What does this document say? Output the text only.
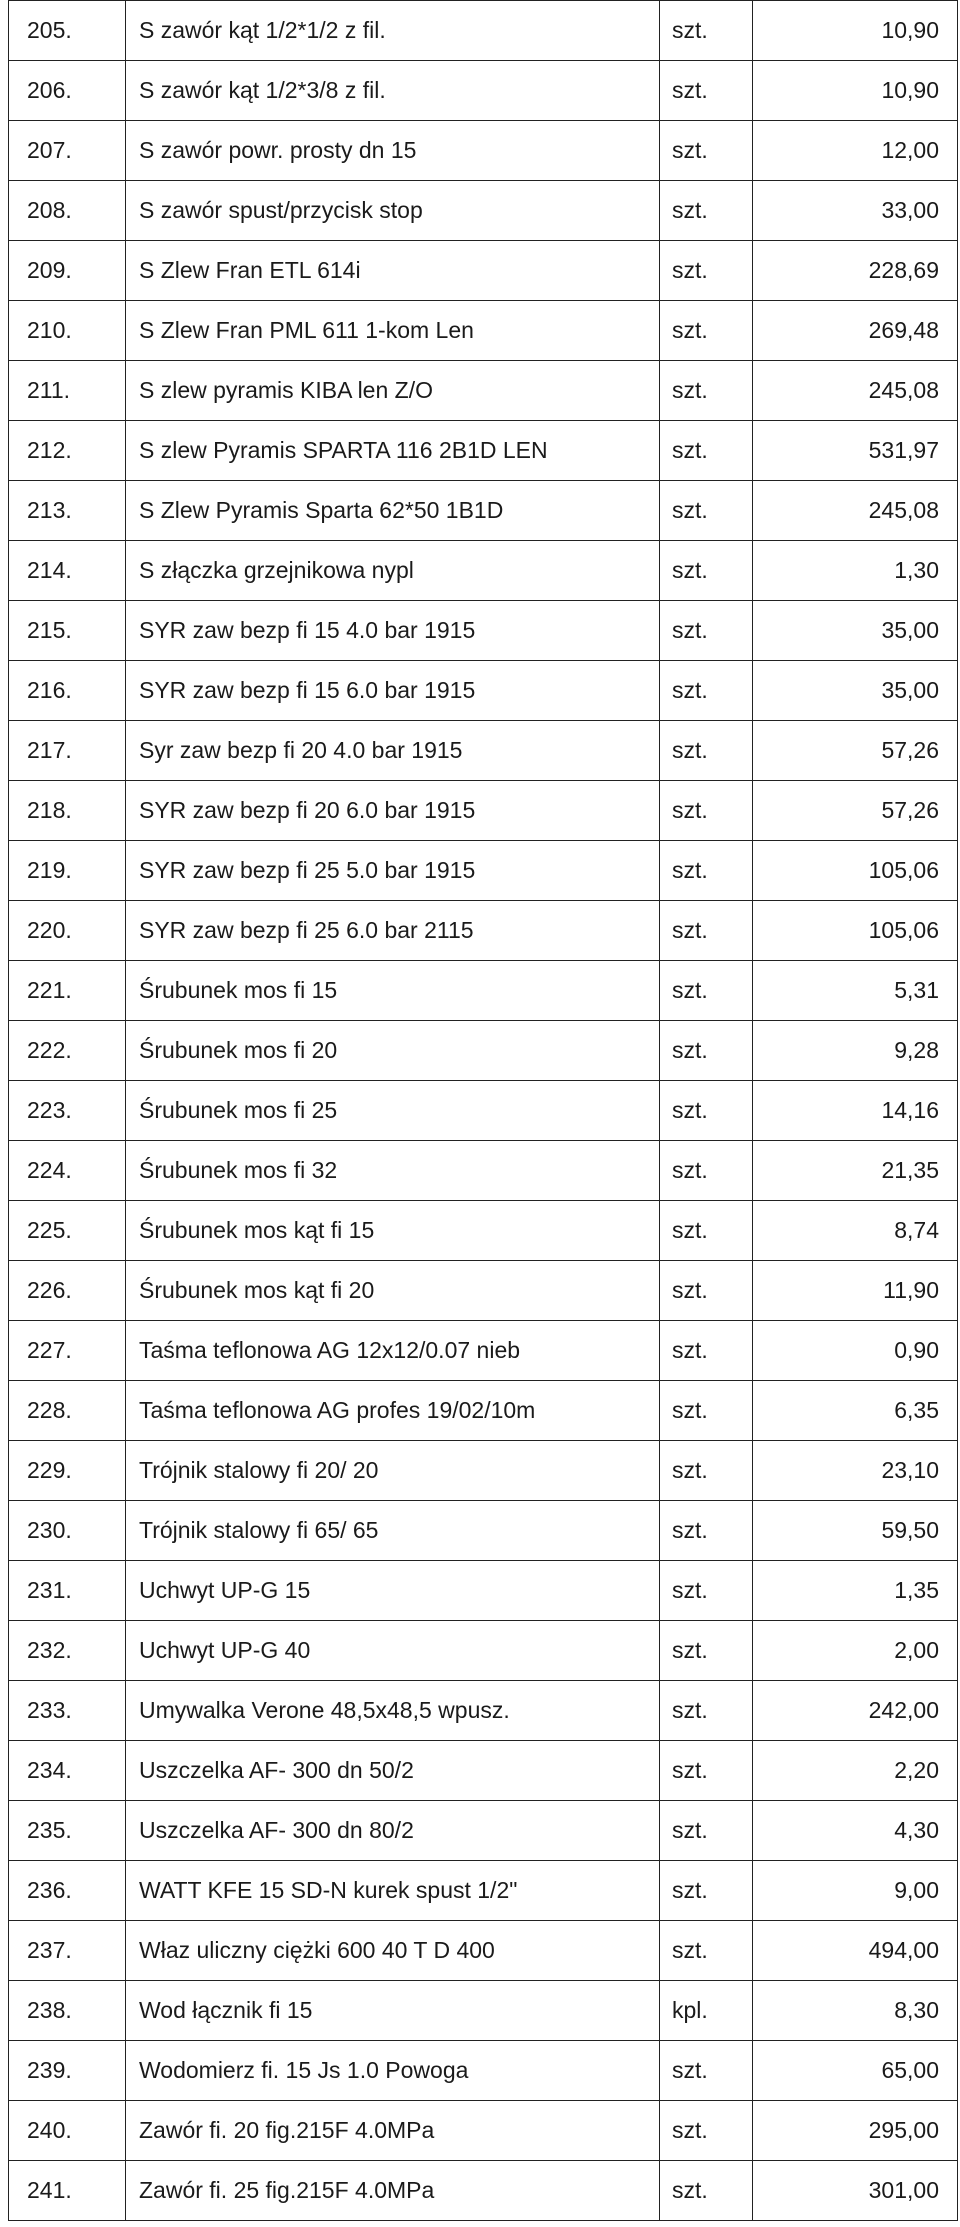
205.	S zawór kąt 1/2*1/2 z fil.	szt.	10,90
206.	S zawór kąt 1/2*3/8 z fil.	szt.	10,90
207.	S zawór powr. prosty dn 15	szt.	12,00
208.	S zawór spust/przycisk stop	szt.	33,00
209.	S Zlew Fran ETL 614i	szt.	228,69
210.	S Zlew Fran PML 611 1-kom Len	szt.	269,48
211.	S zlew pyramis KIBA len Z/O	szt.	245,08
212.	S zlew Pyramis SPARTA 116 2B1D LEN	szt.	531,97
213.	S Zlew Pyramis Sparta 62*50 1B1D	szt.	245,08
214.	S złączka grzejnikowa nypl	szt.	1,30
215.	SYR zaw bezp fi 15 4.0 bar 1915	szt.	35,00
216.	SYR zaw bezp fi 15 6.0 bar 1915	szt.	35,00
217.	Syr zaw bezp fi 20 4.0 bar 1915	szt.	57,26
218.	SYR zaw bezp fi 20 6.0 bar 1915	szt.	57,26
219.	SYR zaw bezp fi 25 5.0 bar 1915	szt.	105,06
220.	SYR zaw bezp fi 25 6.0 bar 2115	szt.	105,06
221.	Śrubunek mos fi 15	szt.	5,31
222.	Śrubunek mos fi 20	szt.	9,28
223.	Śrubunek mos fi 25	szt.	14,16
224.	Śrubunek mos fi 32	szt.	21,35
225.	Śrubunek mos kąt fi 15	szt.	8,74
226.	Śrubunek mos kąt fi 20	szt.	11,90
227.	Taśma teflonowa AG 12x12/0.07 nieb	szt.	0,90
228.	Taśma teflonowa AG profes 19/02/10m	szt.	6,35
229.	Trójnik stalowy fi 20/ 20	szt.	23,10
230.	Trójnik stalowy fi 65/ 65	szt.	59,50
231.	Uchwyt UP-G 15	szt.	1,35
232.	Uchwyt UP-G 40	szt.	2,00
233.	Umywalka Verone 48,5x48,5 wpusz.	szt.	242,00
234.	Uszczelka AF- 300 dn 50/2	szt.	2,20
235.	Uszczelka AF- 300 dn 80/2	szt.	4,30
236.	WATT KFE 15 SD-N kurek spust 1/2"	szt.	9,00
237.	Właz uliczny ciężki 600 40 T D 400	szt.	494,00
238.	Wod łącznik fi 15	kpl.	8,30
239.	Wodomierz fi. 15 Js 1.0 Powoga	szt.	65,00
240.	Zawór fi. 20 fig.215F 4.0MPa	szt.	295,00
241.	Zawór fi. 25 fig.215F 4.0MPa	szt.	301,00
